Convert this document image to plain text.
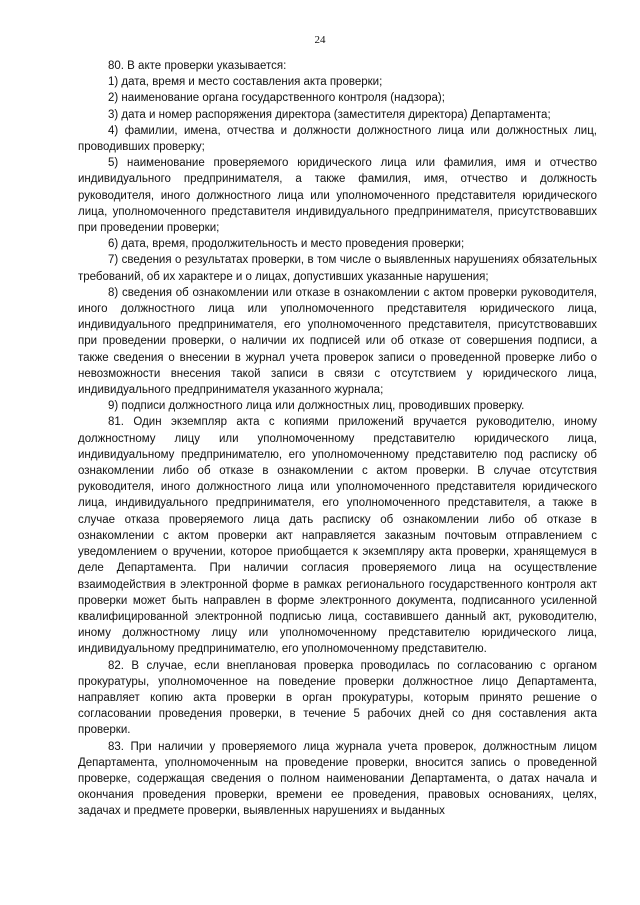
24

80. В акте проверки указывается:

1) дата, время и место составления акта проверки;

2) наименование органа государственного контроля (надзора);

3) дата и номер распоряжения директора (заместителя директора) Департамента;

4) фамилии, имена, отчества и должности должностного лица или должностных лиц, проводивших проверку;

5) наименование проверяемого юридического лица или фамилия, имя и отчество индивидуального предпринимателя, а также фамилия, имя, отчество и должность руководителя, иного должностного лица или уполномоченного представителя юридического лица, уполномоченного представителя индивидуального предпринимателя, присутствовавших при проведении проверки;

6) дата, время, продолжительность и место проведения проверки;

7) сведения о результатах проверки, в том числе о выявленных нарушениях обязательных требований, об их характере и о лицах, допустивших указанные нарушения;

8) сведения об ознакомлении или отказе в ознакомлении с актом проверки руководителя, иного должностного лица или уполномоченного представителя юридического лица, индивидуального предпринимателя, его уполномоченного представителя, присутствовавших при проведении проверки, о наличии их подписей или об отказе от совершения подписи, а также сведения о внесении в журнал учета проверок записи о проведенной проверке либо о невозможности внесения такой записи в связи с отсутствием у юридического лица, индивидуального предпринимателя указанного журнала;

9) подписи должностного лица или должностных лиц, проводивших проверку.

81. Один экземпляр акта с копиями приложений вручается руководителю, иному должностному лицу или уполномоченному представителю юридического лица, индивидуальному предпринимателю, его уполномоченному представителю под расписку об ознакомлении либо об отказе в ознакомлении с актом проверки. В случае отсутствия руководителя, иного должностного лица или уполномоченного представителя юридического лица, индивидуального предпринимателя, его уполномоченного представителя, а также в случае отказа проверяемого лица дать расписку об ознакомлении либо об отказе в ознакомлении с актом проверки акт направляется заказным почтовым отправлением с уведомлением о вручении, которое приобщается к экземпляру акта проверки, хранящемуся в деле Департамента. При наличии согласия проверяемого лица на осуществление взаимодействия в электронной форме в рамках регионального государственного контроля акт проверки может быть направлен в форме электронного документа, подписанного усиленной квалифицированной электронной подписью лица, составившего данный акт, руководителю, иному должностному лицу или уполномоченному представителю юридического лица, индивидуальному предпринимателю, его уполномоченному представителю.

82. В случае, если внеплановая проверка проводилась по согласованию с органом прокуратуры, уполномоченное на поведение проверки должностное лицо Департамента, направляет копию акта проверки в орган прокуратуры, которым принято решение о согласовании проведения проверки, в течение 5 рабочих дней со дня составления акта проверки.

83. При наличии у проверяемого лица журнала учета проверок, должностным лицом Департамента, уполномоченным на проведение проверки, вносится запись о проведенной проверке, содержащая сведения о полном наименовании Департамента, о датах начала и окончания проведения проверки, времени ее проведения, правовых основаниях, целях, задачах и предмете проверки, выявленных нарушениях и выданных
